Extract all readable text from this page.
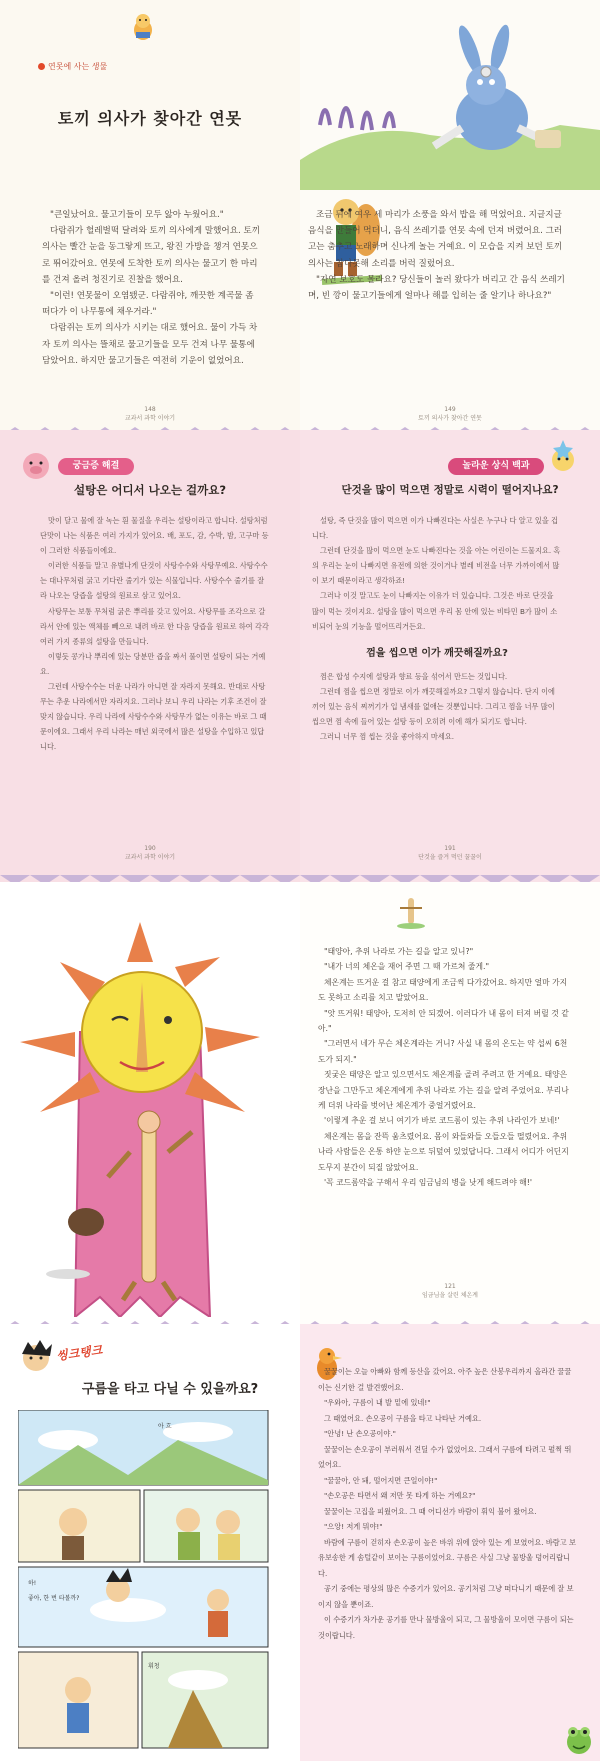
연못에 사는 생물
토끼 의사가 찾아간 연못

"큰일났어요. 물고기들이 모두 앓아 누웠어요."

다람쥐가 헐레벌떡 달려와 토끼 의사에게 말했어요. 토끼 의사는 빨간 눈을 동그랗게 뜨고, 왕진 가방을 챙겨 연못으로 뛰어갔어요. 연못에 도착한 토끼 의사는 물고기 한 마리를 건져 올려 청진기로 진찰을 했어요.

"이런! 연못물이 오염됐군. 다람쥐야, 깨끗한 계곡물 좀 떠다가 이 나무통에 채우거라."

다람쥐는 토끼 의사가 시키는 대로 했어요. 물이 가득 차자 토끼 의사는 뜰채로 물고기들을 모두 건져 나무 물통에 담았어요. 하지만 물고기들은 여전히 기운이 없었어요.

148
교과서 과학 이야기

조금 뒤에 여우 세 마리가 소풍을 와서 밥을 해 먹었어요. 지글지글 음식을 만들어 먹더니, 음식 쓰레기를 연못 속에 던져 버렸어요. 그러고는 춤추고 노래하며 신나게 놀는 거예요. 이 모습을 지켜 보던 토끼 의사는 참다못해 소리를 버럭 질렀어요.

"자연 보호도 몰라요? 당신들이 놀러 왔다가 버리고 간 음식 쓰레기며, 빈 깡이 물고기들에게 얼마나 해를 입히는 줄 알기나 하나요?"

149
토끼 의사가 찾아간 연못
궁금증 해결
설탕은 어디서 나오는 걸까요?

맛이 달고 물에 잘 녹는 흰 물질을 우리는 설탕이라고 합니다. 설탕처럼 단맛이 나는 식품은 여러 가지가 있어요. 배, 포도, 감, 수박, 밤, 고구마 등이 그러한 식품들이에요.

이러한 식품들 말고 유별나게 단것이 사탕수수와 사탕무예요. 사탕수수는 대나무처럼 굵고 기다란 줄기가 있는 식물입니다. 사탕수수 줄기를 잘라 나오는 당즙을 설탕의 원료로 삼고 있어요.

사탕무는 보통 무처럼 굵은 뿌리를 갖고 있어요. 사탕무를 조각으로 갈라서 안에 있는 액체를 빼으로 내려 바로 한 다음 당즙을 원료로 하여 각각 여러 가지 종류의 설탕을 만들니다.

이렇듯 콩가나 뿌리에 있는 당분만 즙을 짜서 풀이면 설탕이 되는 거예요.

그런데 사탕수수는 더운 나라가 아니면 잘 자라지 못해요. 반대로 사탕무는 추운 나라에서만 자라지요. 그러나 보니 우리 나라는 기후 조건이 잘 맞지 않습니다. 우리 나라에 사탕수수와 사탕무가 없는 이유는 바로 그 때문이에요. 그래서 우리 나라는 매년 외국에서 많은 설탕을 수입하고 있답니다.

190
교과서 과학 이야기
놀라운 상식 백과
단것을 많이 먹으면 정말로 시력이 떨어지나요?

설탕, 즉 단것을 많이 먹으면 이가 나빠진다는 사실은 누구나 다 알고 있을 겁니다.

그런데 단것을 많이 먹으면 눈도 나빠진다는 것을 아는 어린이는 드물지요. 혹의 우리는 눈이 나빠지면 유전에 의한 것이거나 별레 비전을 너무 가까이에서 많이 보기 때문이라고 생각하죠!

그러나 이것 말고도 눈이 나빠지는 이유가 더 있습니다. 그것은 바로 단것을 많이 먹는 것이지요. 설탕을 많이 먹으면 우리 몸 안에 있는 비타민 B가 많이 소비되어 눈의 기능을 떨어뜨리거든요.

껌을 씹으면 이가 깨끗해질까요?

껌은 합성 수지에 설탕과 향료 등을 섞어서 만드는 것입니다.

그런데 껌을 씹으면 정말로 이가 깨끗해질까요? 그렇지 않습니다. 단지 이에 끼어 있는 음식 찌꺼기가 입 냄새를 없애는 것뿐입니다. 그리고 껌을 너무 많이 씹으면 껌 속에 들어 있는 설탕 등이 오히려 이에 해가 되기도 합니다.

그러니 너무 껌 씹는 것을 좋아하지 마세요.

191
단것을 즐겨 먹던 꿀꿀이

"태양아, 추위 나라로 가는 길을 알고 있니?"

"내가 너의 체온을 재어 주면 그 때 가르쳐 줄게."

체온계는 뜨거운 걸 참고 태양에게 조금씩 다가갔어요. 하지만 얼마 가지도 못하고 소리를 치고 말았어요.

"앗 뜨거워! 태양아, 도저히 안 되겠어. 이러다가 내 몸이 터져 버릴 것 같아."

"그러면서 네가 무슨 체온계라는 거니? 사실 내 몸의 온도는 약 섭씨 6천 도가 되지."

짓궂은 태양은 알고 있으면서도 체온계를 골려 주려고 한 거예요. 태양은 장난을 그만두고 체온계에게 추위 나라로 가는 길을 알려 주었어요. 부리나케 더위 나라를 벗어난 체온계가 중얼거렸어요.

'이렇게 추운 걸 보니 여기가 바로 코드롬이 있는 추위 나라인가 보네!'

체온계는 몸을 잔뜩 움츠렸어요. 몸이 와들와들 오들오들 떨렸어요. 추위 나라 사람들은 온통 하얀 눈으로 뒤덮여 있었답니다. 그래서 어디가 어딘지 도무지 분간이 되질 않았어요.

'꼭 코드롬약을 구해서 우리 임금님의 병을 낫게 해드려야 해!'

121
임금님을 살린 체온계
씽크탱크
구름을 타고 다닐 수 있을까요?
아 흐
하!
좋아, 한 번 타볼까?
휘청

꿀꿀이는 오늘 아빠와 함께 등산을 갔어요. 아주 높은 산봉우리까지 올라간 꿀꿀이는 신기한 걸 발견했어요.

"우와아, 구름이 내 발 밑에 있네!"

그 때였어요. 손오공이 구름을 타고 나타난 거예요.

"안녕! 난 손오공이야."

꿀꿀이는 손오공이 부러워서 견딜 수가 없었어요. 그래서 구름에 타려고 펄쩍 뛰었어요.

"꿀꿀아, 안 돼, 떨어지면 큰일이야!"

"손오공은 타면서 왜 저만 못 타게 하는 거예요?"

꿀꿀이는 고집을 피웠어요. 그 때 어디선가 바람이 휘익 불어 왔어요.

"으앙! 저게 뭐야!"

바람에 구름이 걷히자 손오공이 높은 바위 위에 앉아 있는 게 보였어요. 바람고 보유보송한 게 솜털같이 보이는 구름이었어요. 구름은 사실 그냥 물방울 덩어리랍니다.

공기 중에는 평상의 많은 수증기가 있어요. 공기처럼 그냥 떠다니기 때문에 잘 보이지 않을 뿐이죠.

이 수증기가 차가운 공기를 만나 물방울이 되고, 그 물방울이 모이면 구름이 되는 것이랍니다.
